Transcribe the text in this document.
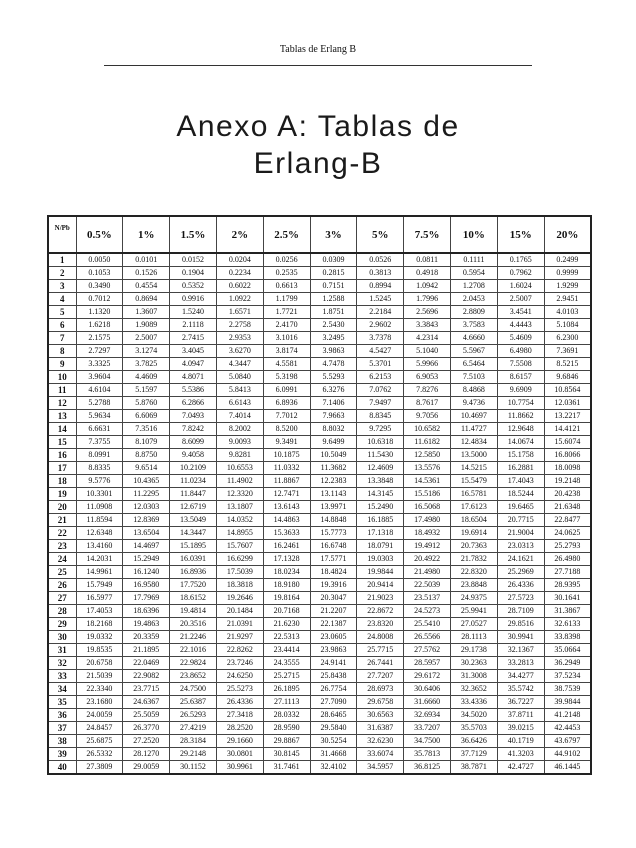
Tablas de Erlang B
Anexo A: Tablas de
Erlang-B
N/Pb	0.5%	1%	1.5%	2%	2.5%	3%	5%	7.5%	10%	15%	20%
1	0.0050	0.0101	0.0152	0.0204	0.0256	0.0309	0.0526	0.0811	0.1111	0.1765	0.2499
2	0.1053	0.1526	0.1904	0.2234	0.2535	0.2815	0.3813	0.4918	0.5954	0.7962	0.9999
3	0.3490	0.4554	0.5352	0.6022	0.6613	0.7151	0.8994	1.0942	1.2708	1.6024	1.9299
4	0.7012	0.8694	0.9916	1.0922	1.1799	1.2588	1.5245	1.7996	2.0453	2.5007	2.9451
5	1.1320	1.3607	1.5240	1.6571	1.7721	1.8751	2.2184	2.5696	2.8809	3.4541	4.0103
6	1.6218	1.9089	2.1118	2.2758	2.4170	2.5430	2.9602	3.3843	3.7583	4.4443	5.1084
7	2.1575	2.5007	2.7415	2.9353	3.1016	3.2495	3.7378	4.2314	4.6660	5.4609	6.2300
8	2.7297	3.1274	3.4045	3.6270	3.8174	3.9863	4.5427	5.1040	5.5967	6.4980	7.3691
9	3.3325	3.7825	4.0947	4.3447	4.5581	4.7478	5.3701	5.9966	6.5464	7.5508	8.5215
10	3.9604	4.4609	4.8071	5.0840	5.3198	5.5293	6.2153	6.9053	7.5103	8.6157	9.6846
11	4.6104	5.1597	5.5386	5.8413	6.0991	6.3276	7.0762	7.8276	8.4868	9.6909	10.8564
12	5.2788	5.8760	6.2866	6.6143	6.8936	7.1406	7.9497	8.7617	9.4736	10.7754	12.0361
13	5.9634	6.6069	7.0493	7.4014	7.7012	7.9663	8.8345	9.7056	10.4697	11.8662	13.2217
14	6.6631	7.3516	7.8242	8.2002	8.5200	8.8032	9.7295	10.6582	11.4727	12.9648	14.4121
15	7.3755	8.1079	8.6099	9.0093	9.3491	9.6499	10.6318	11.6182	12.4834	14.0674	15.6074
16	8.0991	8.8750	9.4058	9.8281	10.1875	10.5049	11.5430	12.5850	13.5000	15.1758	16.8066
17	8.8335	9.6514	10.2109	10.6553	11.0332	11.3682	12.4609	13.5576	14.5215	16.2881	18.0098
18	9.5776	10.4365	11.0234	11.4902	11.8867	12.2383	13.3848	14.5361	15.5479	17.4043	19.2148
19	10.3301	11.2295	11.8447	12.3320	12.7471	13.1143	14.3145	15.5186	16.5781	18.5244	20.4238
20	11.0908	12.0303	12.6719	13.1807	13.6143	13.9971	15.2490	16.5068	17.6123	19.6465	21.6348
21	11.8594	12.8369	13.5049	14.0352	14.4863	14.8848	16.1885	17.4980	18.6504	20.7715	22.8477
22	12.6348	13.6504	14.3447	14.8955	15.3633	15.7773	17.1318	18.4932	19.6914	21.9004	24.0625
23	13.4160	14.4697	15.1895	15.7607	16.2461	16.6748	18.0791	19.4912	20.7363	23.0313	25.2793
24	14.2031	15.2949	16.0391	16.6299	17.1328	17.5771	19.0303	20.4922	21.7832	24.1621	26.4980
25	14.9961	16.1240	16.8936	17.5039	18.0234	18.4824	19.9844	21.4980	22.8320	25.2969	27.7188
26	15.7949	16.9580	17.7520	18.3818	18.9180	19.3916	20.9414	22.5039	23.8848	26.4336	28.9395
27	16.5977	17.7969	18.6152	19.2646	19.8164	20.3047	21.9023	23.5137	24.9375	27.5723	30.1641
28	17.4053	18.6396	19.4814	20.1484	20.7168	21.2207	22.8672	24.5273	25.9941	28.7109	31.3867
29	18.2168	19.4863	20.3516	21.0391	21.6230	22.1387	23.8320	25.5410	27.0527	29.8516	32.6133
30	19.0332	20.3359	21.2246	21.9297	22.5313	23.0605	24.8008	26.5566	28.1113	30.9941	33.8398
31	19.8535	21.1895	22.1016	22.8262	23.4414	23.9863	25.7715	27.5762	29.1738	32.1367	35.0664
32	20.6758	22.0469	22.9824	23.7246	24.3555	24.9141	26.7441	28.5957	30.2363	33.2813	36.2949
33	21.5039	22.9082	23.8652	24.6250	25.2715	25.8438	27.7207	29.6172	31.3008	34.4277	37.5234
34	22.3340	23.7715	24.7500	25.5273	26.1895	26.7754	28.6973	30.6406	32.3652	35.5742	38.7539
35	23.1680	24.6367	25.6387	26.4336	27.1113	27.7090	29.6758	31.6660	33.4336	36.7227	39.9844
36	24.0059	25.5059	26.5293	27.3418	28.0332	28.6465	30.6563	32.6934	34.5020	37.8711	41.2148
37	24.8457	26.3770	27.4219	28.2520	28.9590	29.5840	31.6387	33.7207	35.5703	39.0215	42.4453
38	25.6875	27.2520	28.3184	29.1660	29.8867	30.5254	32.6230	34.7500	36.6426	40.1719	43.6797
39	26.5332	28.1270	29.2148	30.0801	30.8145	31.4668	33.6074	35.7813	37.7129	41.3203	44.9102
40	27.3809	29.0059	30.1152	30.9961	31.7461	32.4102	34.5957	36.8125	38.7871	42.4727	46.1445
